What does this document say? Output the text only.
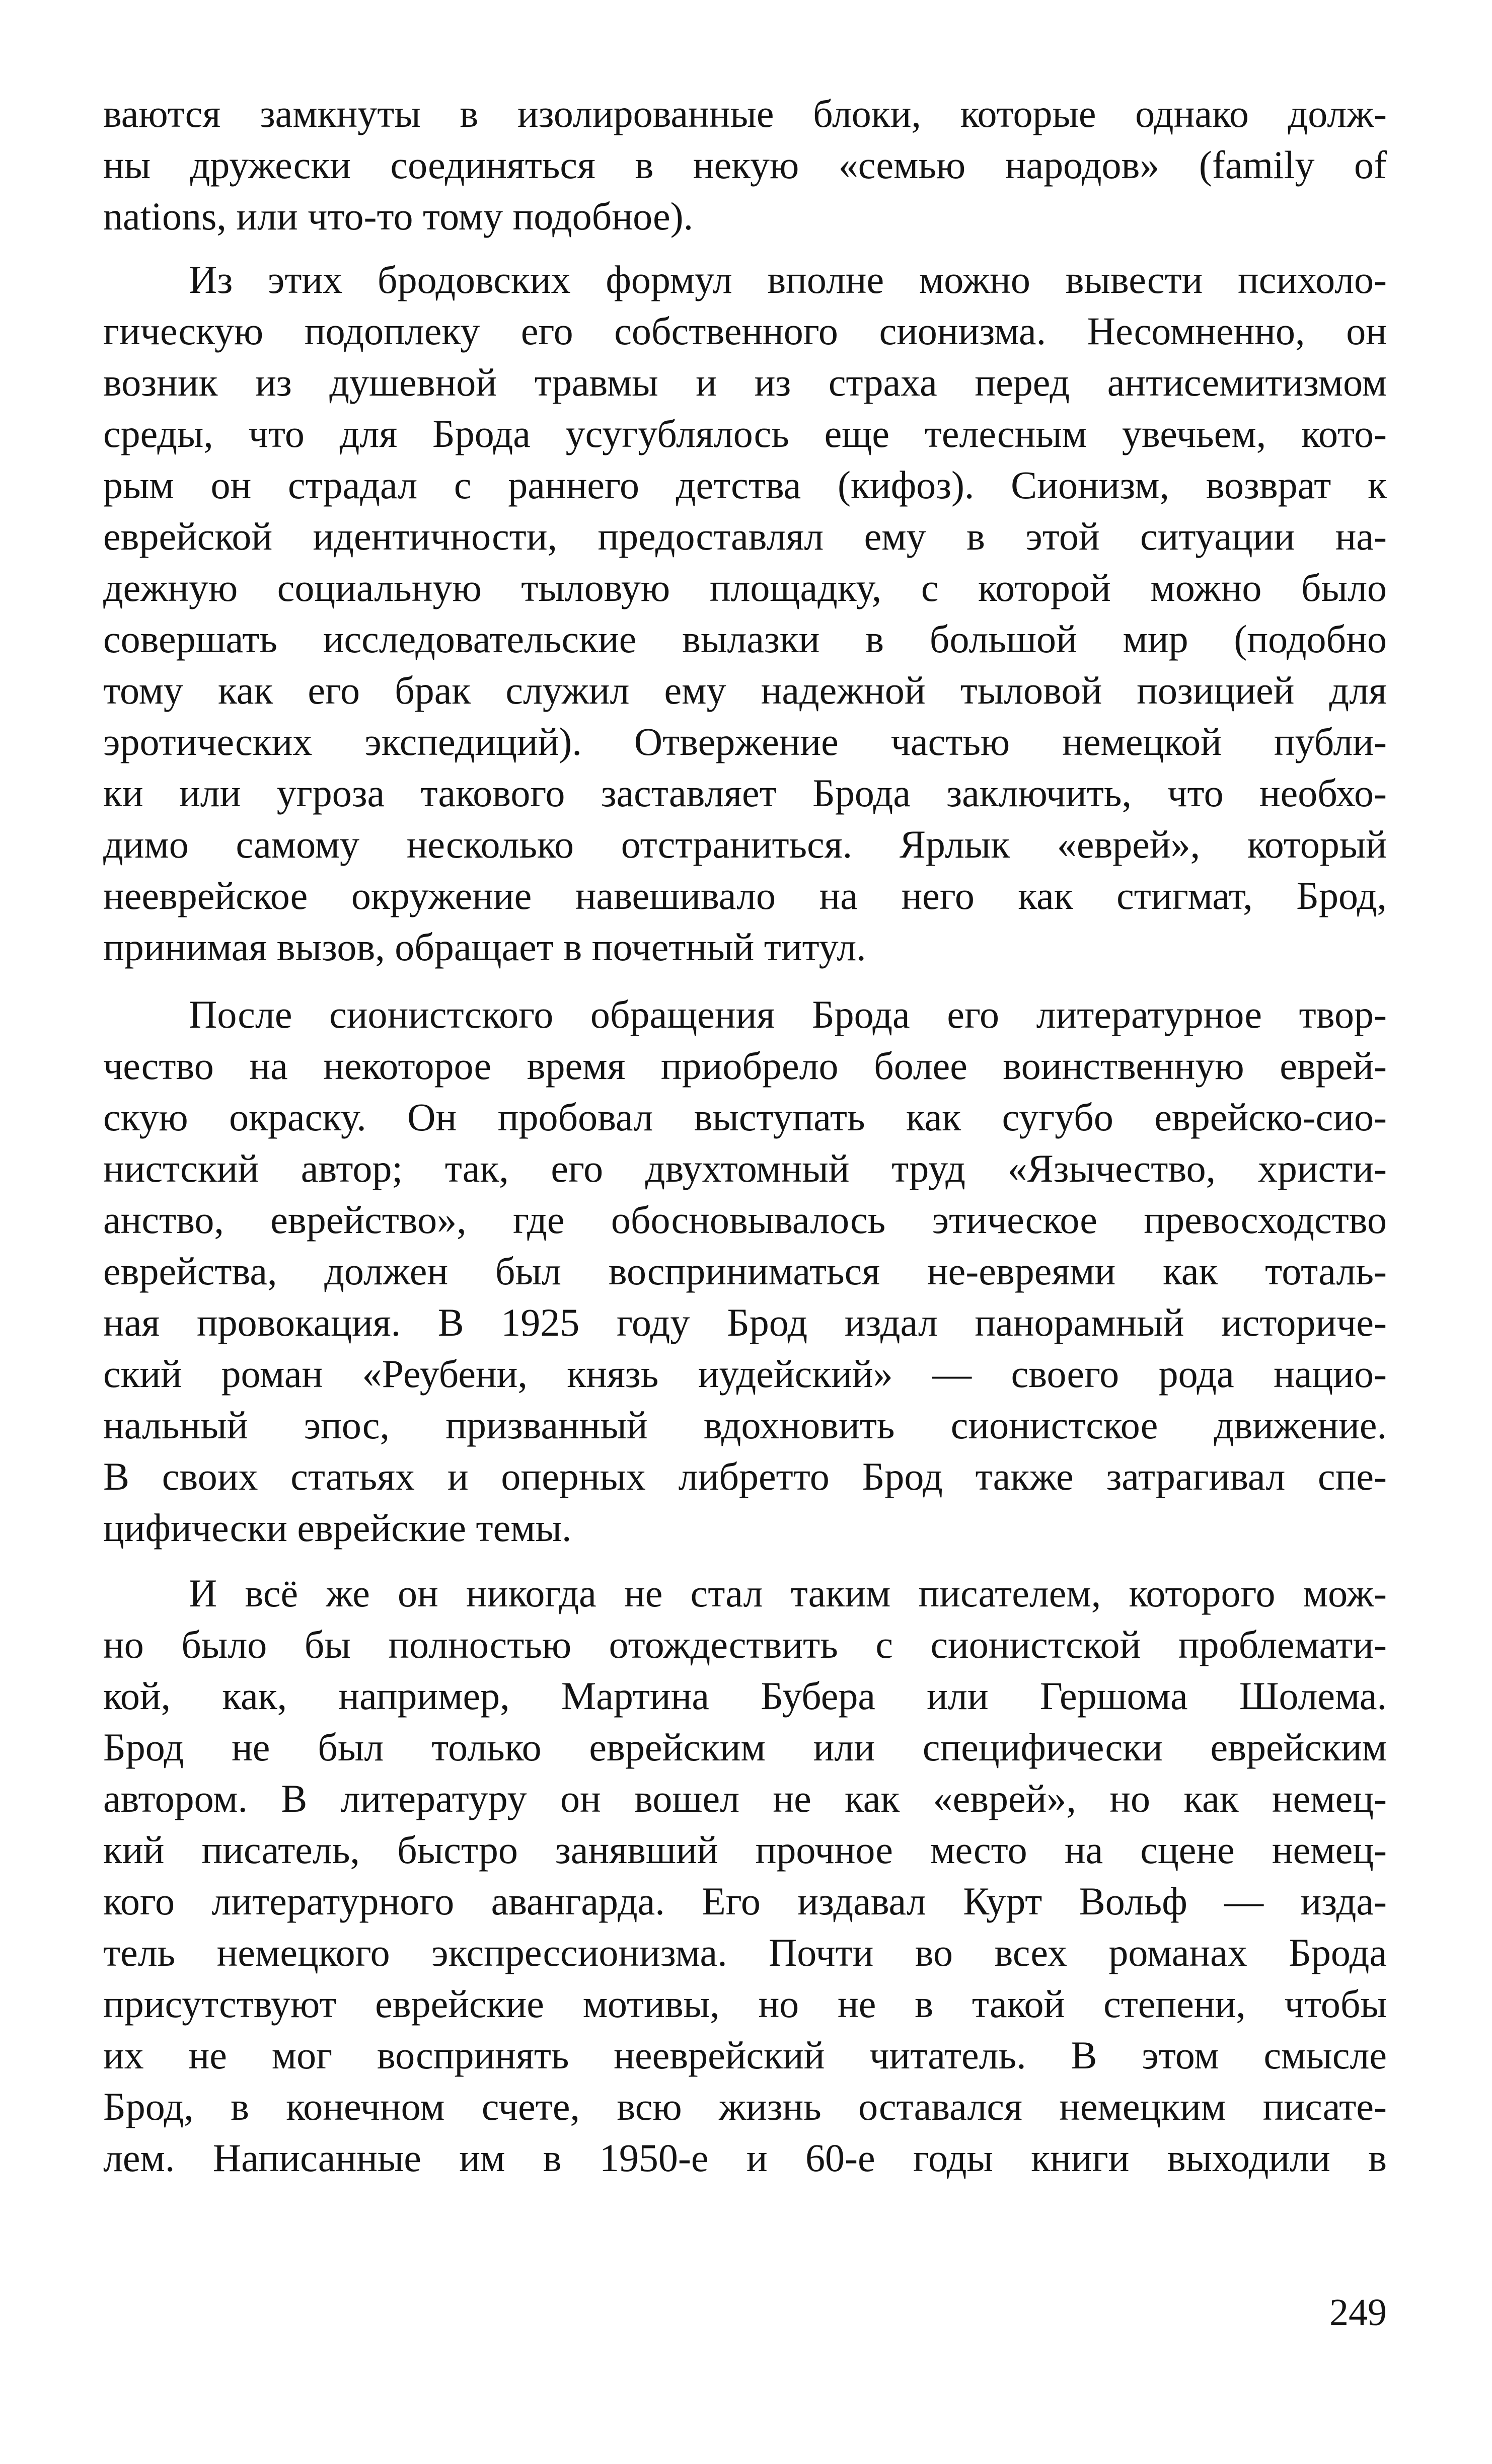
ваются замкнуты в изолированные блоки, которые однако долж-
ны дружески соединяться в некую «семью народов» (family of
nations, или что-то тому подобное).
Из этих бродовских формул вполне можно вывести психоло-
гическую подоплеку его собственного сионизма. Несомненно, он
возник из душевной травмы и из страха перед антисемитизмом
среды, что для Брода усугублялось еще телесным увечьем, кото-
рым он страдал с раннего детства (кифоз). Сионизм, возврат к
еврейской идентичности, предоставлял ему в этой ситуации на-
дежную социальную тыловую площадку, с которой можно было
совершать исследовательские вылазки в большой мир (подобно
тому как его брак служил ему надежной тыловой позицией для
эротических экспедиций). Отвержение частью немецкой публи-
ки или угроза такового заставляет Брода заключить, что необхо-
димо самому несколько отстраниться. Ярлык «еврей», который
нееврейское окружение навешивало на него как стигмат, Брод,
принимая вызов, обращает в почетный титул.
После сионистского обращения Брода его литературное твор-
чество на некоторое время приобрело более воинственную еврей-
скую окраску. Он пробовал выступать как сугубо еврейско-сио-
нистский автор; так, его двухтомный труд «Язычество, христи-
анство, еврейство», где обосновывалось этическое превосходство
еврейства, должен был восприниматься не-евреями как тоталь-
ная провокация. В 1925 году Брод издал панорамный историче-
ский роман «Реубени, князь иудейский» — своего рода нацио-
нальный эпос, призванный вдохновить сионистское движение.
В своих статьях и оперных либретто Брод также затрагивал спе-
цифически еврейские темы.
И всё же он никогда не стал таким писателем, которого мож-
но было бы полностью отождествить с сионистской проблемати-
кой, как, например, Мартина Бубера или Гершома Шолема.
Брод не был только еврейским или специфически еврейским
автором. В литературу он вошел не как «еврей», но как немец-
кий писатель, быстро занявший прочное место на сцене немец-
кого литературного авангарда. Его издавал Курт Вольф — изда-
тель немецкого экспрессионизма. Почти во всех романах Брода
присутствуют еврейские мотивы, но не в такой степени, чтобы
их не мог воспринять нееврейский читатель. В этом смысле
Брод, в конечном счете, всю жизнь оставался немецким писате-
лем. Написанные им в 1950-е и 60-е годы книги выходили в
249
